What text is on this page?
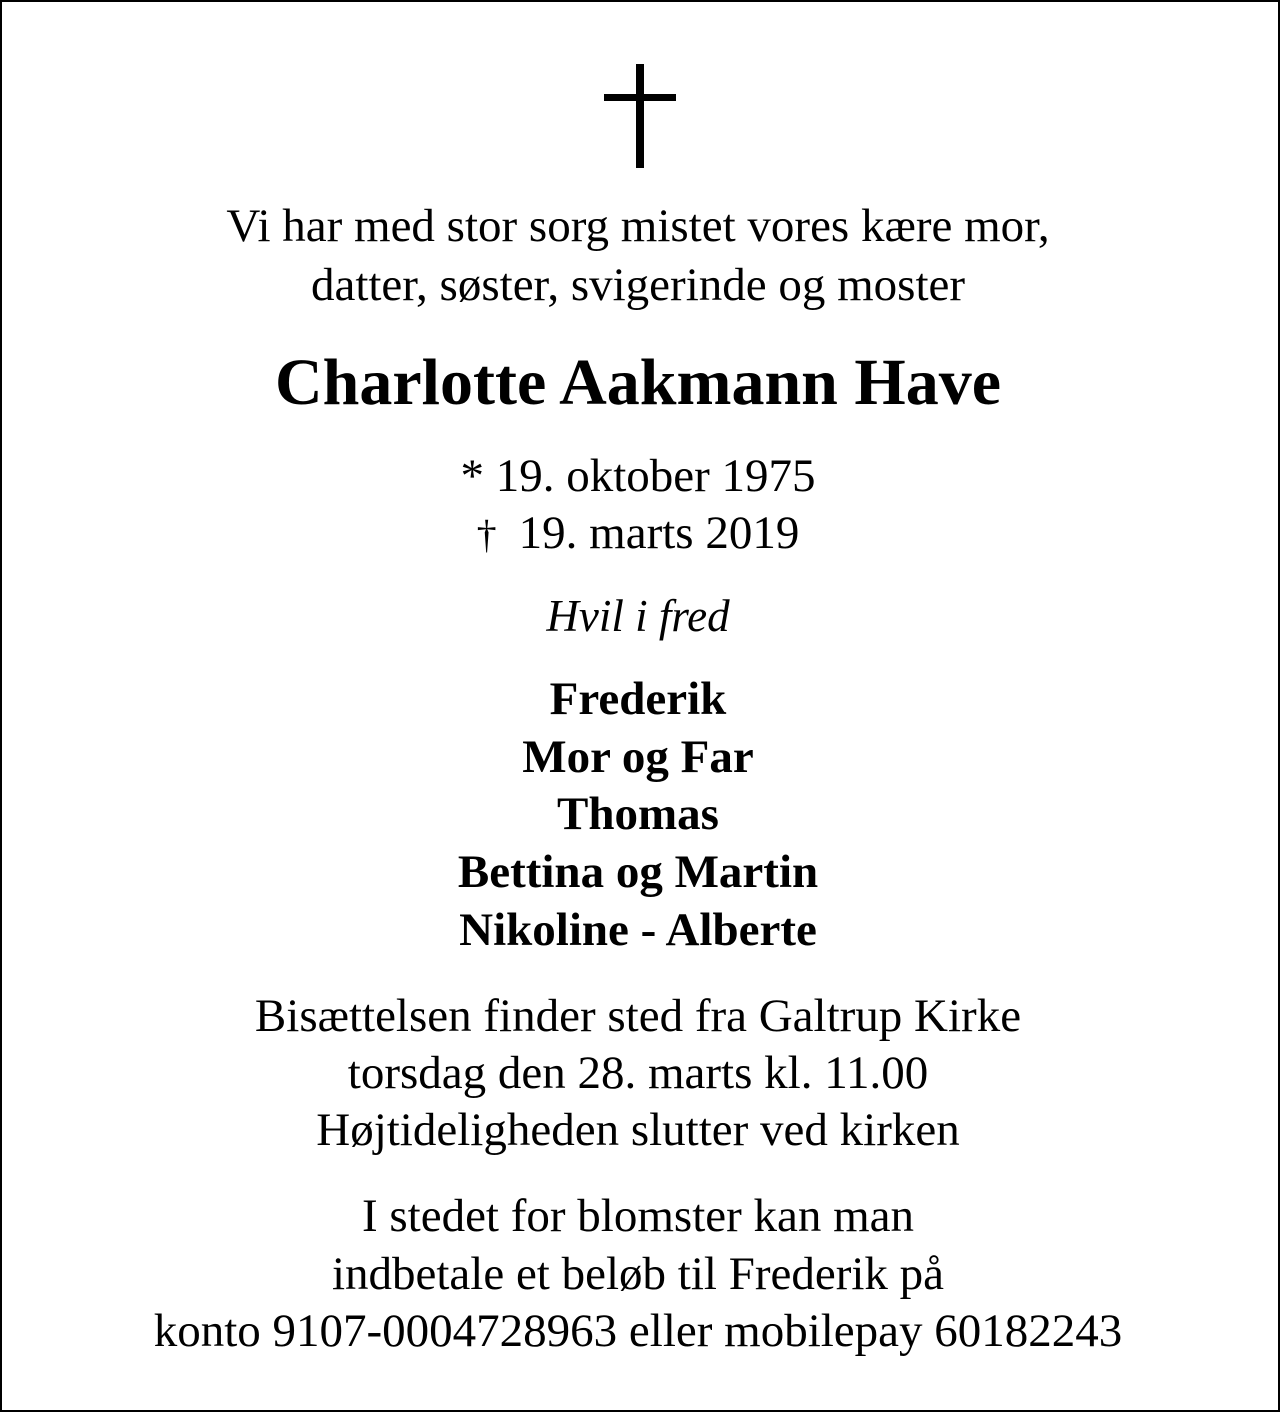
Vi har med stor sorg mistet vores kære mor,
datter, søster, svigerinde og moster
Charlotte Aakmann Have
* 19. oktober 1975
† 19. marts 2019
Hvil i fred
Frederik
Mor og Far
Thomas
Bettina og Martin
Nikoline - Alberte
Bisættelsen finder sted fra Galtrup Kirke
torsdag den 28. marts kl. 11.00
Højtideligheden slutter ved kirken
I stedet for blomster kan man
indbetale et beløb til Frederik på
konto 9107-0004728963 eller mobilepay 60182243
